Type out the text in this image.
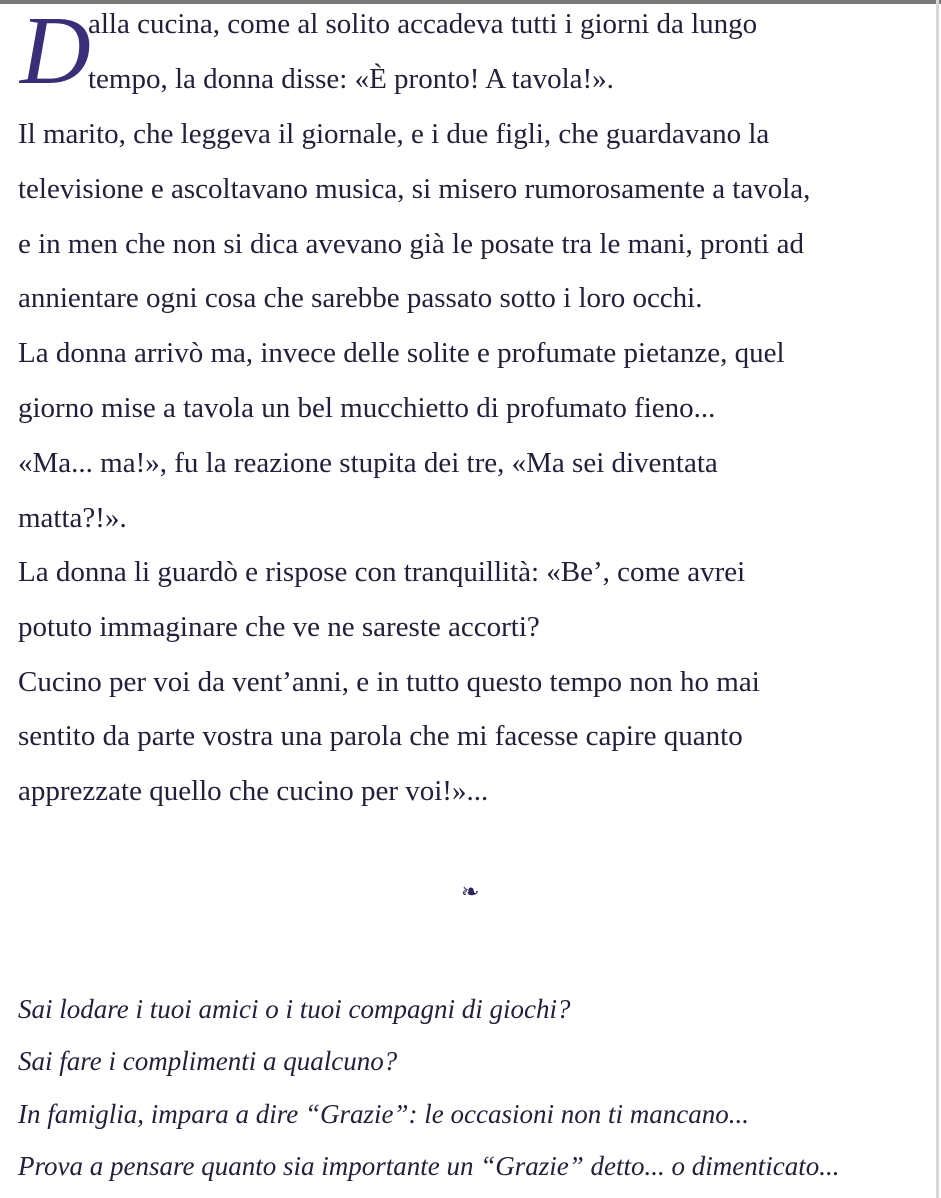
D
alla cucina, come al solito accadeva tutti i giorni da lungo
tempo, la donna disse: «È pronto! A tavola!».
Il marito, che leggeva il giornale, e i due figli, che guardavano la
televisione e ascoltavano musica, si misero rumorosamente a tavola,
e in men che non si dica avevano già le posate tra le mani, pronti ad
annientare ogni cosa che sarebbe passato sotto i loro occhi.
La donna arrivò ma, invece delle solite e profumate pietanze, quel
giorno mise a tavola un bel mucchietto di profumato fieno...
«Ma... ma!», fu la reazione stupita dei tre, «Ma sei diventata
matta?!».
La donna li guardò e rispose con tranquillità: «Be’, come avrei
potuto immaginare che ve ne sareste accorti?
Cucino per voi da vent’anni, e in tutto questo tempo non ho mai
sentito da parte vostra una parola che mi facesse capire quanto
apprezzate quello che cucino per voi!»...
❧
Sai lodare i tuoi amici o i tuoi compagni di giochi?
Sai fare i complimenti a qualcuno?
In famiglia, impara a dire “Grazie”: le occasioni non ti mancano...
Prova a pensare quanto sia importante un “Grazie” detto... o dimenticato...
